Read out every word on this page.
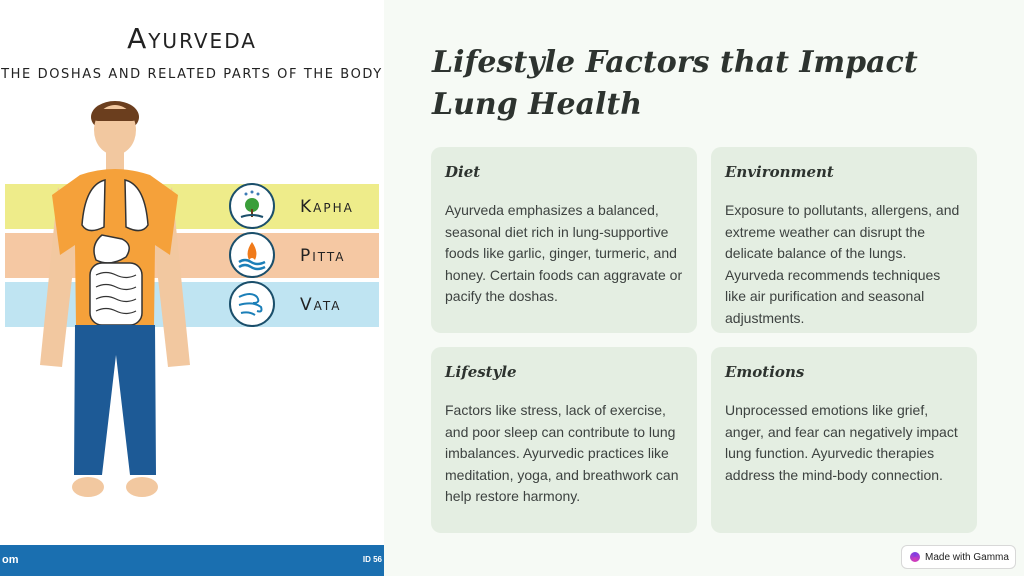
Ayurveda
THE DOSHAS AND RELATED PARTS OF THE BODY
Kapha
Pitta
Vata
om	ID 56
Lifestyle Factors that Impact Lung Health
Diet

Ayurveda emphasizes a balanced, seasonal diet rich in lung-supportive foods like garlic, ginger, turmeric, and honey. Certain foods can aggravate or pacify the doshas.

Environment

Exposure to pollutants, allergens, and extreme weather can disrupt the delicate balance of the lungs. Ayurveda recommends techniques like air purification and seasonal adjustments.

Lifestyle

Factors like stress, lack of exercise, and poor sleep can contribute to lung imbalances. Ayurvedic practices like meditation, yoga, and breathwork can help restore harmony.

Emotions

Unprocessed emotions like grief, anger, and fear can negatively impact lung function. Ayurvedic therapies address the mind-body connection.

Made with Gamma
